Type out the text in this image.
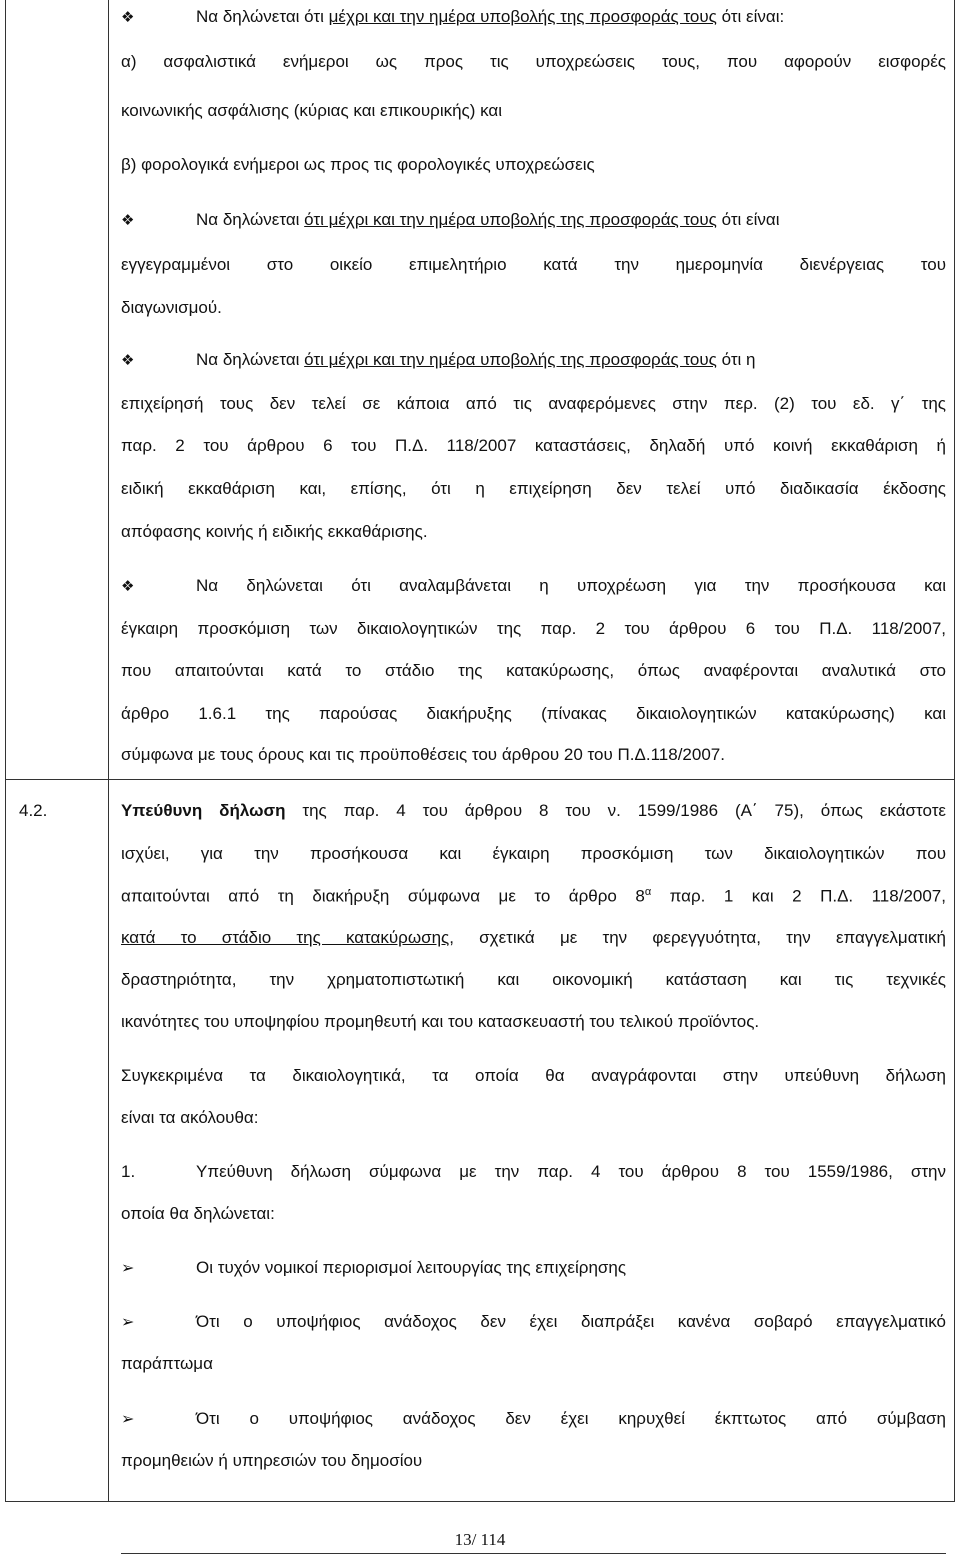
❖	Να δηλώνεται ότι μέχρι και την ημέρα υποβολής της προσφοράς τους ότι είναι:
α) ασφαλιστικά ενήμεροι ως προς τις υποχρεώσεις τους, που αφορούν εισφορές
κοινωνικής ασφάλισης (κύριας και επικουρικής) και
β) φορολογικά ενήμεροι ως προς τις φορολογικές υποχρεώσεις
❖	Να δηλώνεται ότι μέχρι και την ημέρα υποβολής της προσφοράς τους ότι είναι
εγγεγραμμένοι στο οικείο επιμελητήριο κατά την ημερομηνία διενέργειας του
διαγωνισμού.
❖	Να δηλώνεται ότι μέχρι και την ημέρα υποβολής της προσφοράς τους ότι η
επιχείρησή τους δεν τελεί σε κάποια από τις αναφερόμενες στην περ. (2) του εδ. γ΄ της
παρ. 2 του άρθρου 6 του Π.Δ. 118/2007 καταστάσεις, δηλαδή υπό κοινή εκκαθάριση ή
ειδική εκκαθάριση και, επίσης, ότι η επιχείρηση δεν τελεί υπό διαδικασία έκδοσης
απόφασης κοινής ή ειδικής εκκαθάρισης.
❖	Να δηλώνεται ότι αναλαμβάνεται η υποχρέωση για την προσήκουσα και
έγκαιρη προσκόμιση των δικαιολογητικών της παρ. 2 του άρθρου 6 του Π.Δ. 118/2007,
που απαιτούνται κατά το στάδιο της κατακύρωσης, όπως αναφέρονται αναλυτικά στο
άρθρο 1.6.1 της παρούσας διακήρυξης (πίνακας δικαιολογητικών κατακύρωσης) και
σύμφωνα με τους όρους και τις προϋποθέσεις του άρθρου 20 του Π.Δ.118/2007.
4.2.	Υπεύθυνη δήλωση της παρ. 4 του άρθρου 8 του ν. 1599/1986 (Α΄ 75), όπως εκάστοτε
ισχύει, για την προσήκουσα και έγκαιρη προσκόμιση των δικαιολογητικών που
απαιτούνται από τη διακήρυξη σύμφωνα με το άρθρο $8^\alpha$ παρ. 1 και 2 Π.Δ. 118/2007,
κατά το στάδιο της κατακύρωσης, σχετικά με την φερεγγυότητα, την επαγγελματική
δραστηριότητα, την χρηματοπιστωτική και οικονομική κατάσταση και τις τεχνικές
ικανότητες του υποψηφίου προμηθευτή και του κατασκευαστή του τελικού προϊόντος.
Συγκεκριμένα τα δικαιολογητικά, τα οποία θα αναγράφονται στην υπεύθυνη δήλωση
είναι τα ακόλουθα:
1.	Υπεύθυνη δήλωση σύμφωνα με την παρ. 4 του άρθρου 8 του 1559/1986, στην
οποία θα δηλώνεται:
➢	Οι τυχόν νομικοί περιορισμοί λειτουργίας της επιχείρησης
➢	Ότι ο υποψήφιος ανάδοχος δεν έχει διαπράξει κανένα σοβαρό επαγγελματικό
παράπτωμα
➢	Ότι ο υποψήφιος ανάδοχος δεν έχει κηρυχθεί έκπτωτος από σύμβαση
προμηθειών ή υπηρεσιών του δημοσίου
13/ 114
